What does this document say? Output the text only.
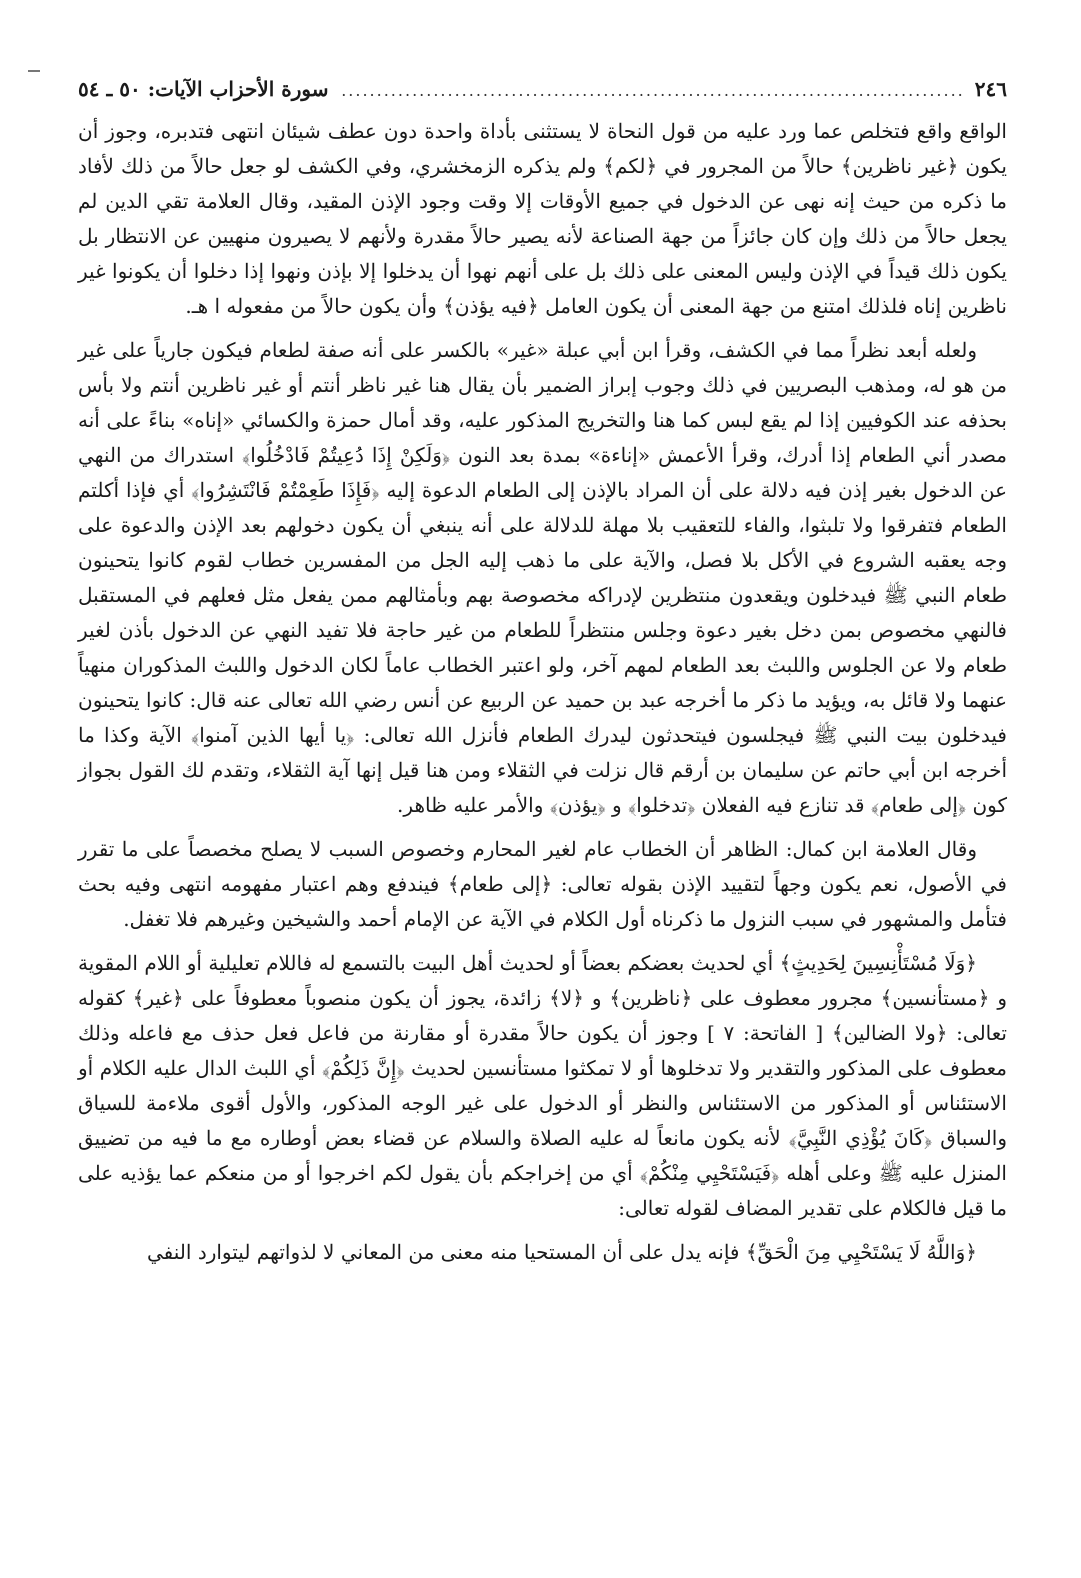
٢٤٦
.....
سورة الأحزاب الآيات: ٥٠ ـ ٥٤

الواقع واقع فتخلص عما ورد عليه من قول النحاة لا يستثنى بأداة واحدة دون عطف شيئان انتهى فتدبره، وجوز أن يكون ﴿غير ناظرين﴾ حالاً من المجرور في ﴿لكم﴾ ولم يذكره الزمخشري، وفي الكشف لو جعل حالاً من ذلك لأفاد ما ذكره من حيث إنه نهى عن الدخول في جميع الأوقات إلا وقت وجود الإذن المقيد، وقال العلامة تقي الدين لم يجعل حالاً من ذلك وإن كان جائزاً من جهة الصناعة لأنه يصير حالاً مقدرة ولأنهم لا يصيرون منهيين عن الانتظار بل يكون ذلك قيداً في الإذن وليس المعنى على ذلك بل على أنهم نهوا أن يدخلوا إلا بإذن ونهوا إذا دخلوا أن يكونوا غير ناظرين إناه فلذلك امتنع من جهة المعنى أن يكون العامل ﴿فيه يؤذن﴾ وأن يكون حالاً من مفعوله ا هـ.

ولعله أبعد نظراً مما في الكشف، وقرأ ابن أبي عبلة «غير» بالكسر على أنه صفة لطعام فيكون جارياً على غير من هو له، ومذهب البصريين في ذلك وجوب إبراز الضمير بأن يقال هنا غير ناظر أنتم أو غير ناظرين أنتم ولا بأس بحذفه عند الكوفيين إذا لم يقع لبس كما هنا والتخريج المذكور عليه، وقد أمال حمزة والكسائي «إناه» بناءً على أنه مصدر أني الطعام إذا أدرك، وقرأ الأعمش «إناءة» بمدة بعد النون ﴿وَلَكِنْ إِذَا دُعِيتُمْ فَادْخُلُوا﴾ استدراك من النهي عن الدخول بغير إذن فيه دلالة على أن المراد بالإذن إلى الطعام الدعوة إليه ﴿فَإِذَا طَعِمْتُمْ فَانْتَشِرُوا﴾ أي فإذا أكلتم الطعام فتفرقوا ولا تلبثوا، والفاء للتعقيب بلا مهلة للدلالة على أنه ينبغي أن يكون دخولهم بعد الإذن والدعوة على وجه يعقبه الشروع في الأكل بلا فصل، والآية على ما ذهب إليه الجل من المفسرين خطاب لقوم كانوا يتحينون طعام النبي ﷺ فيدخلون ويقعدون منتظرين لإدراكه مخصوصة بهم وبأمثالهم ممن يفعل مثل فعلهم في المستقبل فالنهي مخصوص بمن دخل بغير دعوة وجلس منتظراً للطعام من غير حاجة فلا تفيد النهي عن الدخول بأذن لغير طعام ولا عن الجلوس واللبث بعد الطعام لمهم آخر، ولو اعتبر الخطاب عاماً لكان الدخول واللبث المذكوران منهياً عنهما ولا قائل به، ويؤيد ما ذكر ما أخرجه عبد بن حميد عن الربيع عن أنس رضي الله تعالى عنه قال: كانوا يتحينون فيدخلون بيت النبي ﷺ فيجلسون فيتحدثون ليدرك الطعام فأنزل الله تعالى: ﴿يا أيها الذين آمنوا﴾ الآية وكذا ما أخرجه ابن أبي حاتم عن سليمان بن أرقم قال نزلت في الثقلاء ومن هنا قيل إنها آية الثقلاء، وتقدم لك القول بجواز كون ﴿إلى طعام﴾ قد تنازع فيه الفعلان ﴿تدخلوا﴾ و ﴿يؤذن﴾ والأمر عليه ظاهر.

وقال العلامة ابن كمال: الظاهر أن الخطاب عام لغير المحارم وخصوص السبب لا يصلح مخصصاً على ما تقرر في الأصول، نعم يكون وجهاً لتقييد الإذن بقوله تعالى: ﴿إلى طعام﴾ فيندفع وهم اعتبار مفهومه انتهى وفيه بحث فتأمل والمشهور في سبب النزول ما ذكرناه أول الكلام في الآية عن الإمام أحمد والشيخين وغيرهم فلا تغفل.

﴿وَلَا مُسْتَأْنِسِينَ لِحَدِيثٍ﴾ أي لحديث بعضكم بعضاً أو لحديث أهل البيت بالتسمع له فاللام تعليلية أو اللام المقوية و ﴿مستأنسين﴾ مجرور معطوف على ﴿ناظرين﴾ و ﴿لا﴾ زائدة، يجوز أن يكون منصوباً معطوفاً على ﴿غير﴾ كقوله تعالى: ﴿ولا الضالين﴾ [ الفاتحة: ٧ ] وجوز أن يكون حالاً مقدرة أو مقارنة من فاعل فعل حذف مع فاعله وذلك معطوف على المذكور والتقدير ولا تدخلوها أو لا تمكثوا مستأنسين لحديث ﴿إِنَّ ذَلِكُمْ﴾ أي اللبث الدال عليه الكلام أو الاستئناس أو المذكور من الاستئناس والنظر أو الدخول على غير الوجه المذكور، والأول أقوى ملاءمة للسياق والسباق ﴿كَانَ يُؤْذِي النَّبِيَّ﴾ لأنه يكون مانعاً له عليه الصلاة والسلام عن قضاء بعض أوطاره مع ما فيه من تضييق المنزل عليه ﷺ وعلى أهله ﴿فَيَسْتَحْيِي مِنْكُمْ﴾ أي من إخراجكم بأن يقول لكم اخرجوا أو من منعكم عما يؤذيه على ما قيل فالكلام على تقدير المضاف لقوله تعالى:

﴿وَاللَّهُ لَا يَسْتَحْيِي مِنَ الْحَقِّ﴾ فإنه يدل على أن المستحيا منه معنى من المعاني لا لذواتهم ليتوارد النفي
